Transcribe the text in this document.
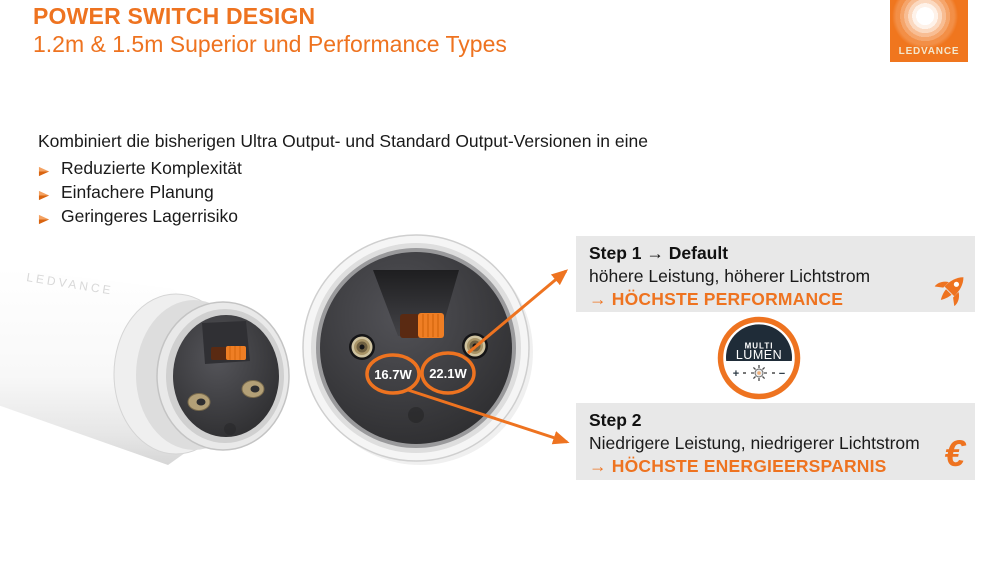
POWER SWITCH DESIGN
1.2m & 1.5m Superior und Performance Types	LEDVANCE
Kombiniert die bisherigen Ultra Output- und Standard Output-Versionen in eine
Reduzierte Komplexität
Einfachere Planung
Geringeres Lagerrisiko
LEDVANCE
16.7W 22.1W
Step 1 → Default
höhere Leistung, höherer Lichtstrom
→ HÖCHSTE PERFORMANCE
MULTI
LUMEN
+	−
Step 2
Niedrigere Leistung, niedrigerer Lichtstrom
→ HÖCHSTE ENERGIEERSPARNIS	€
